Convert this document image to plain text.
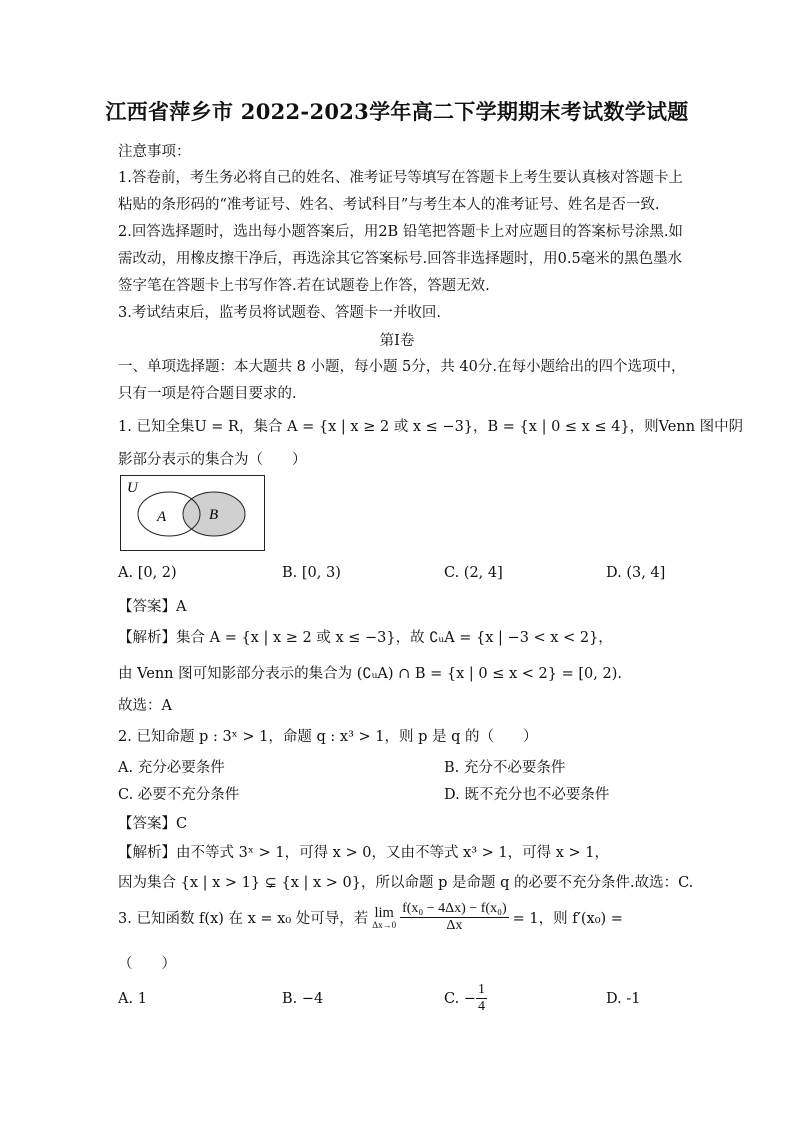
江西省萍乡市 2022-2023学年高二下学期期末考试数学试题
注意事项：
1.答卷前，考生务必将自己的姓名、准考证号等填写在答题卡上考生要认真核对答题卡上
粘贴的条形码的“准考证号、姓名、考试科目”与考生本人的准考证号、姓名是否一致.
2.回答选择题时，选出每小题答案后，用2B 铅笔把答题卡上对应题目的答案标号涂黑.如
需改动，用橡皮擦干净后，再选涂其它答案标号.回答非选择题时，用0.5毫米的黑色墨水
签字笔在答题卡上书写作答.若在试题卷上作答，答题无效.
3.考试结束后，监考员将试题卷、答题卡一并收回.
第Ⅰ卷
一、单项选择题：本大题共 8 小题，每小题 5分，共 40分.在每小题给出的四个选项中，
只有一项是符合题目要求的.
1. 已知全集U = R，集合 A = {x | x ≥ 2 或 x ≤ −3}，B = {x | 0 ≤ x ≤ 4}，则Venn 图中阴
影部分表示的集合为（　　）
U
A	B
A. [0, 2)	B. [0, 3)	C. (2, 4]	D. (3, 4]
【答案】A
【解析】集合 A = {x | x ≥ 2 或 x ≤ −3}，故 ∁ᵤA = {x | −3 < x < 2}，
由 Venn 图可知影部分表示的集合为 (∁ᵤA) ∩ B = {x | 0 ≤ x < 2} = [0, 2).
故选：A
2. 已知命题 p : 3ˣ > 1，命题 q : x³ > 1，则 p 是 q 的（　　）
A. 充分必要条件	B. 充分不必要条件
C. 必要不充分条件	D. 既不充分也不必要条件
【答案】C
【解析】由不等式 3ˣ > 1，可得 x > 0，又由不等式 x³ > 1，可得 x > 1，
因为集合 {x | x > 1} ⊊ {x | x > 0}，所以命题 p 是命题 q 的必要不充分条件.故选：C.
3. 已知函数 f(x) 在 x = x₀ 处可导，若 lim
$\Delta x\to 0 \frac{\text{f(x₀ − 4Δx) − f(x₀)}}{\Delta x} = 1$，则 f′(x₀) =
（　　）
A. 1	B. −4	C. − $\frac{1}{4}$	D. -1
